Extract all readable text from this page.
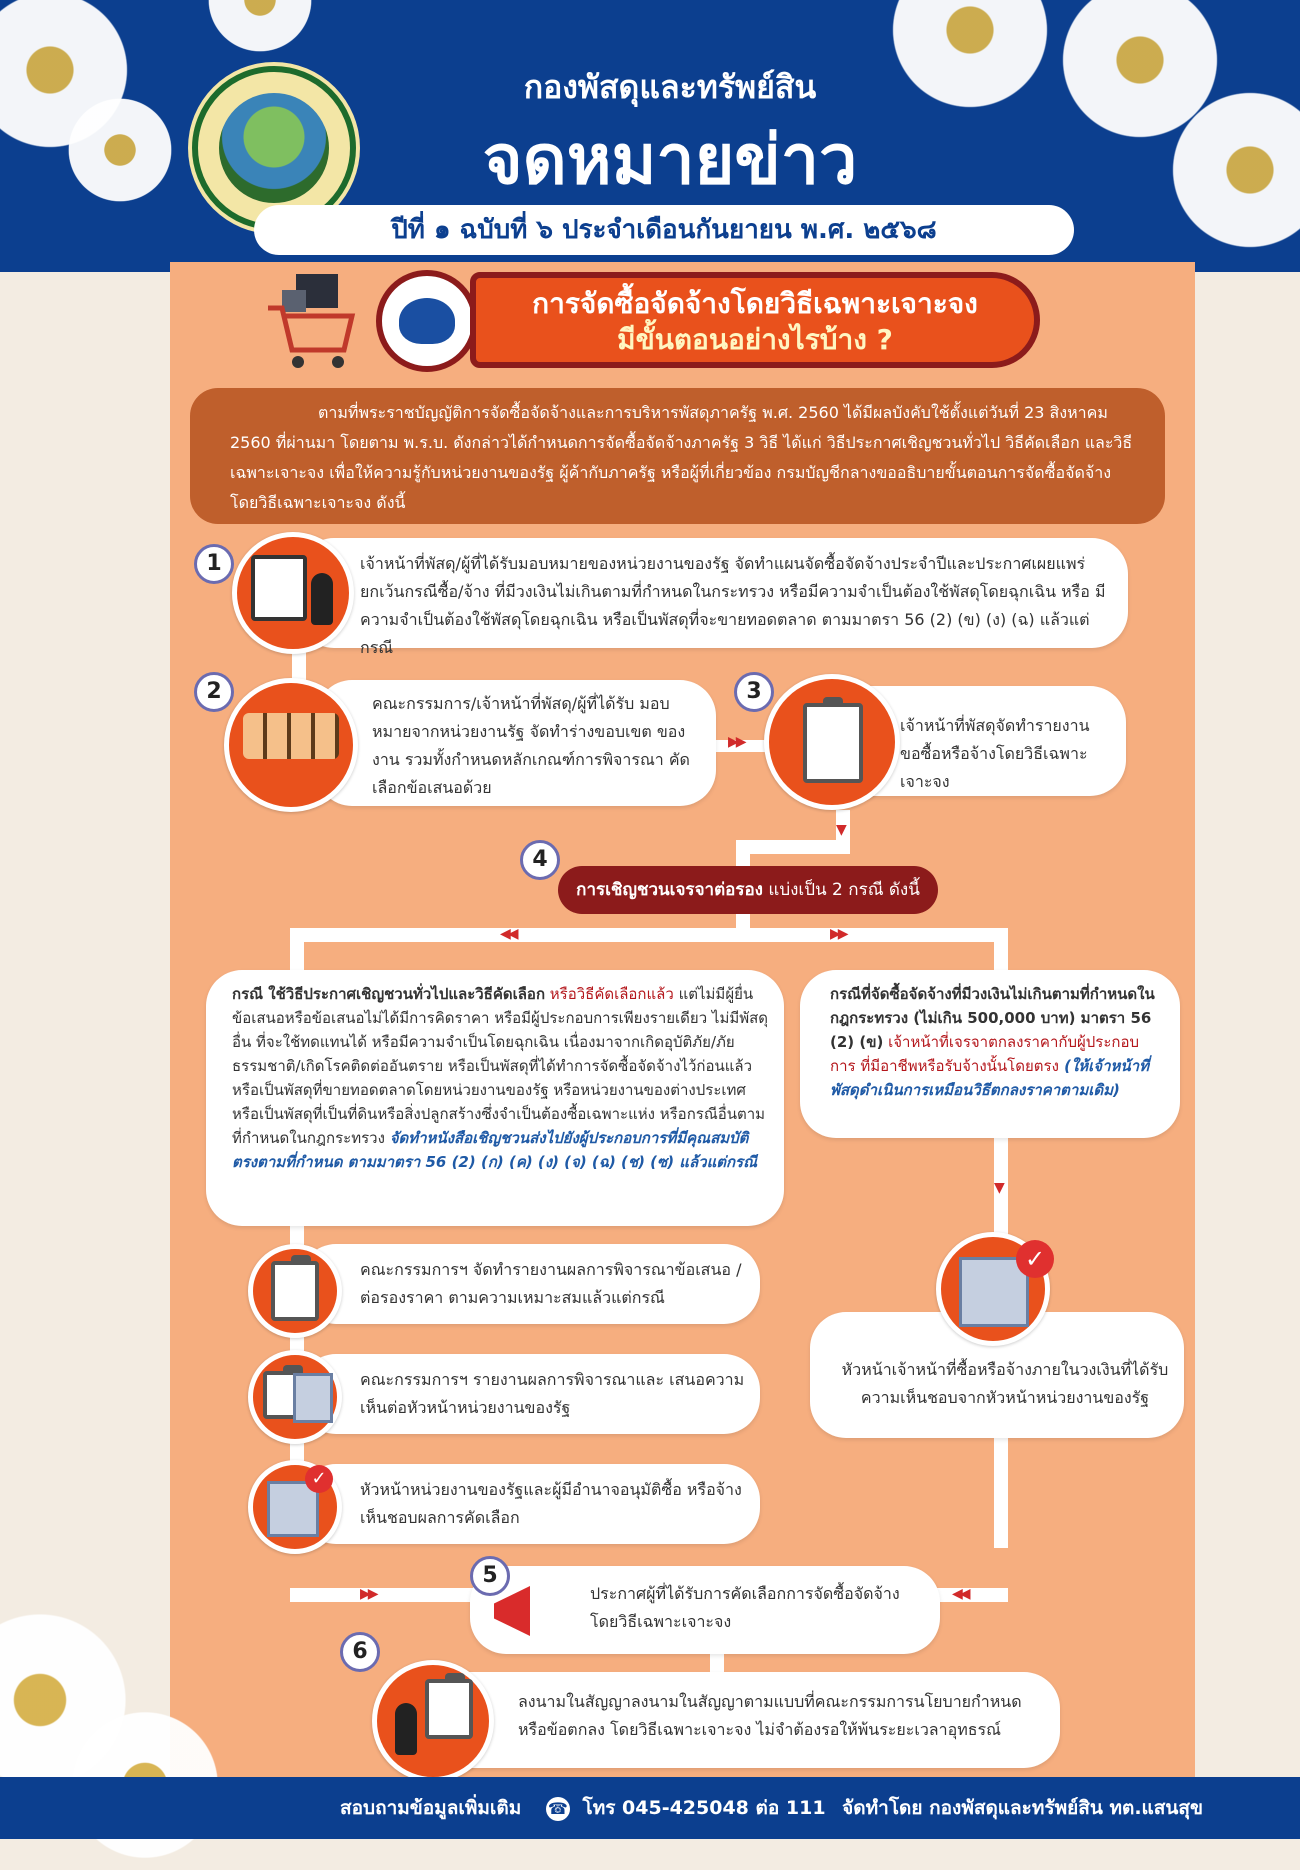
กองพัสดุและทรัพย์สิน
จดหมายข่าว
ปีที่ ๑ ฉบับที่ ๖ ประจำเดือนกันยายน พ.ศ. ๒๕๖๘
การจัดซื้อจัดจ้างโดยวิธีเฉพาะเจาะจง
มีขั้นตอนอย่างไรบ้าง ?
ตามที่พระราชบัญญัติการจัดซื้อจัดจ้างและการบริหารพัสดุภาครัฐ พ.ศ. 2560 ได้มีผลบังคับใช้ตั้งแต่วันที่ 23 สิงหาคม 2560 ที่ผ่านมา โดยตาม พ.ร.บ. ดังกล่าวได้กำหนดการจัดซื้อจัดจ้างภาครัฐ 3 วิธี ได้แก่ วิธีประกาศเชิญชวนทั่วไป วิธีคัดเลือก และวิธีเฉพาะเจาะจง เพื่อให้ความรู้กับหน่วยงานของรัฐ ผู้ค้ากับภาครัฐ หรือผู้ที่เกี่ยวข้อง กรมบัญชีกลางขออธิบายขั้นตอนการจัดซื้อจัดจ้างโดยวิธีเฉพาะเจาะจง ดังนี้
▶▶
▼
◀◀	▶▶
▼
▶▶	◀◀
เจ้าหน้าที่พัสดุ/ผู้ที่ได้รับมอบหมายของหน่วยงานของรัฐ จัดทำแผนจัดซื้อจัดจ้างประจำปีและประกาศเผยแพร่ ยกเว้นกรณีซื้อ/จ้าง ที่มีวงเงินไม่เกินตามที่กำหนดในกระทรวง หรือมีความจำเป็นต้องใช้พัสดุโดยฉุกเฉิน หรือ มีความจำเป็นต้องใช้พัสดุโดยฉุกเฉิน หรือเป็นพัสดุที่จะขายทอดตลาด ตามมาตรา 56 (2) (ข) (ง) (ฉ) แล้วแต่กรณี
1
คณะกรรมการ/เจ้าหน้าที่พัสดุ/ผู้ที่ได้รับ มอบหมายจากหน่วยงานรัฐ จัดทำร่างขอบเขต ของงาน รวมทั้งกำหนดหลักเกณฑ์การพิจารณา คัดเลือกข้อเสนอด้วย
2
เจ้าหน้าที่พัสดุจัดทำรายงาน ขอซื้อหรือจ้างโดยวิธีเฉพาะเจาะจง
3
4
การเชิญชวนเจรจาต่อรอง แบ่งเป็น 2 กรณี ดังนี้
กรณี ใช้วิธีประกาศเชิญชวนทั่วไปและวิธีคัดเลือก หรือวิธีคัดเลือกแล้ว แต่ไม่มีผู้ยื่นข้อเสนอหรือข้อเสนอไม่ได้มีการคิดราคา หรือมีผู้ประกอบการเพียงรายเดียว ไม่มีพัสดุอื่น ที่จะใช้ทดแทนได้ หรือมีความจำเป็นโดยฉุกเฉิน เนื่องมาจากเกิดอุบัติภัย/ภัยธรรมชาติ/เกิดโรคติดต่ออันตราย หรือเป็นพัสดุที่ได้ทำการจัดซื้อจัดจ้างไว้ก่อนแล้ว หรือเป็นพัสดุที่ขายทอดตลาดโดยหน่วยงานของรัฐ หรือหน่วยงานของต่างประเทศ หรือเป็นพัสดุที่เป็นที่ดินหรือสิ่งปลูกสร้างซึ่งจำเป็นต้องซื้อเฉพาะแห่ง หรือกรณีอื่นตามที่กำหนดในกฎกระทรวง จัดทำหนังสือเชิญชวนส่งไปยังผู้ประกอบการที่มีคุณสมบัติตรงตามที่กำหนด ตามมาตรา 56 (2) (ก) (ค) (ง) (จ) (ฉ) (ช) (ซ) แล้วแต่กรณี
กรณีที่จัดซื้อจัดจ้างที่มีวงเงินไม่เกินตามที่กำหนดในกฎกระทรวง (ไม่เกิน 500,000 บาท) มาตรา 56 (2) (ข) เจ้าหน้าที่เจรจาตกลงราคากับผู้ประกอบการ ที่มีอาชีพหรือรับจ้างนั้นโดยตรง (ให้เจ้าหน้าที่พัสดุดำเนินการเหมือนวิธีตกลงราคาตามเดิม)
คณะกรรมการฯ จัดทำรายงานผลการพิจารณาข้อเสนอ /ต่อรองราคา ตามความเหมาะสมแล้วแต่กรณี
คณะกรรมการฯ รายงานผลการพิจารณาและ เสนอความเห็นต่อหัวหน้าหน่วยงานของรัฐ
หัวหน้าหน่วยงานของรัฐและผู้มีอำนาจอนุมัติซื้อ หรือจ้างเห็นชอบผลการคัดเลือก
✓
หัวหน้าเจ้าหน้าที่ซื้อหรือจ้างภายในวงเงินที่ได้รับ ความเห็นชอบจากหัวหน้าหน่วยงานของรัฐ
✓
ประกาศผู้ที่ได้รับการคัดเลือกการจัดซื้อจัดจ้าง โดยวิธีเฉพาะเจาะจง
5
ลงนามในสัญญาลงนามในสัญญาตามแบบที่คณะกรรมการนโยบายกำหนด หรือข้อตกลง โดยวิธีเฉพาะเจาะจง ไม่จำต้องรอให้พ้นระยะเวลาอุทธรณ์
6
สอบถามข้อมูลเพิ่มเติม ☎ โทร 045-425048 ต่อ 111 จัดทำโดย กองพัสดุและทรัพย์สิน ทต.แสนสุข
